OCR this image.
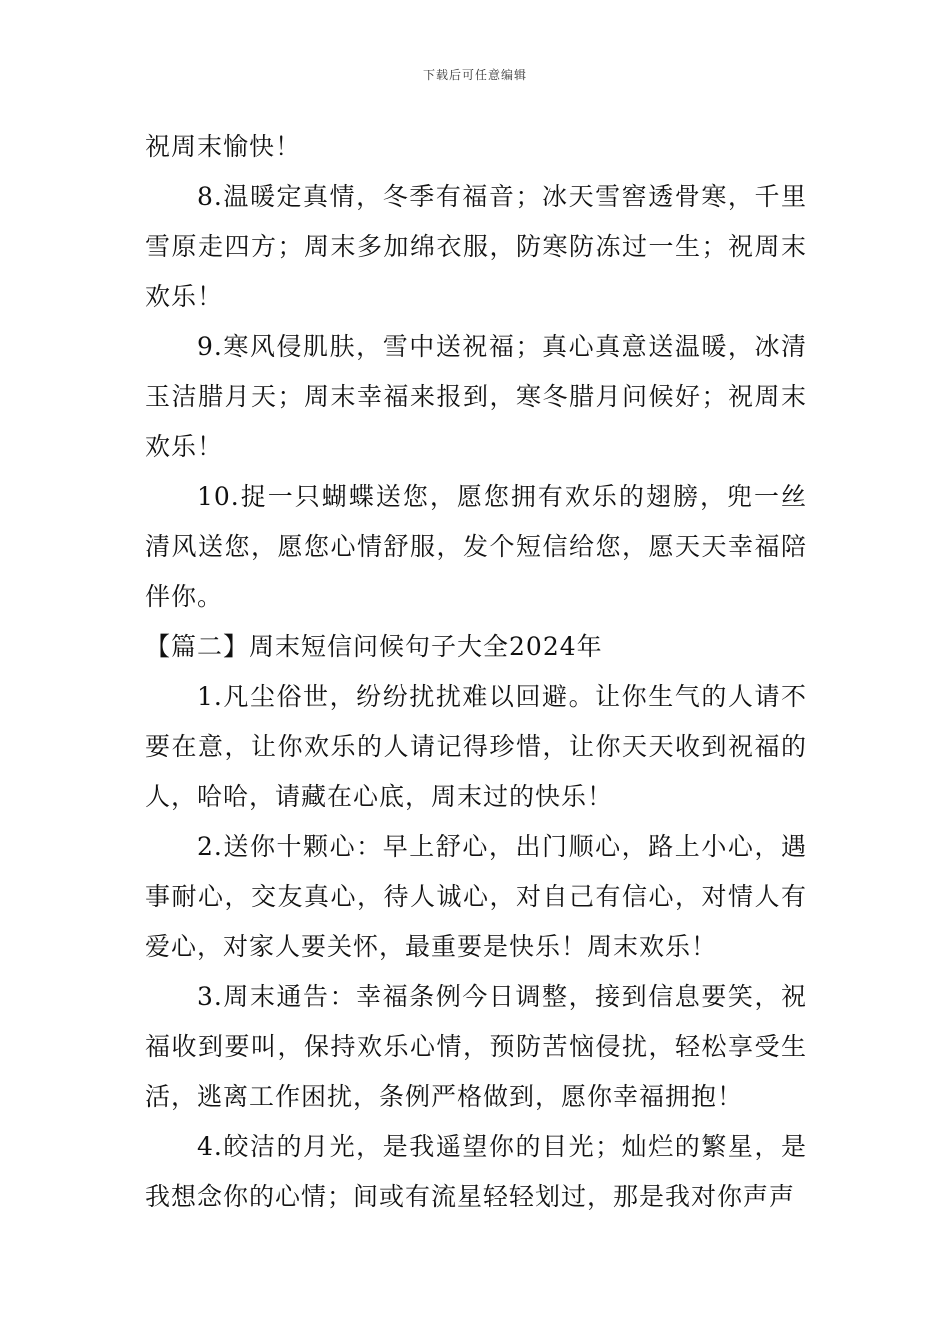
下载后可任意编辑

祝周末愉快！

8.温暖定真情，冬季有福音；冰天雪窖透骨寒，千里雪原走四方；周末多加绵衣服，防寒防冻过一生；祝周末欢乐！

9.寒风侵肌肤，雪中送祝福；真心真意送温暖，冰清玉洁腊月天；周末幸福来报到，寒冬腊月问候好；祝周末欢乐！

10.捉一只蝴蝶送您，愿您拥有欢乐的翅膀，兜一丝清风送您，愿您心情舒服，发个短信给您，愿天天幸福陪伴你。

【篇二】周末短信问候句子大全2024年

1.凡尘俗世，纷纷扰扰难以回避。让你生气的人请不要在意，让你欢乐的人请记得珍惜，让你天天收到祝福的人，哈哈，请藏在心底，周末过的快乐！

2.送你十颗心：早上舒心，出门顺心，路上小心，遇事耐心，交友真心，待人诚心，对自己有信心，对情人有爱心，对家人要关怀，最重要是快乐！周末欢乐！

3.周末通告：幸福条例今日调整，接到信息要笑，祝福收到要叫，保持欢乐心情，预防苦恼侵扰，轻松享受生活，逃离工作困扰，条例严格做到，愿你幸福拥抱！

4.皎洁的月光，是我遥望你的目光；灿烂的繁星，是我想念你的心情；间或有流星轻轻划过，那是我对你声声
